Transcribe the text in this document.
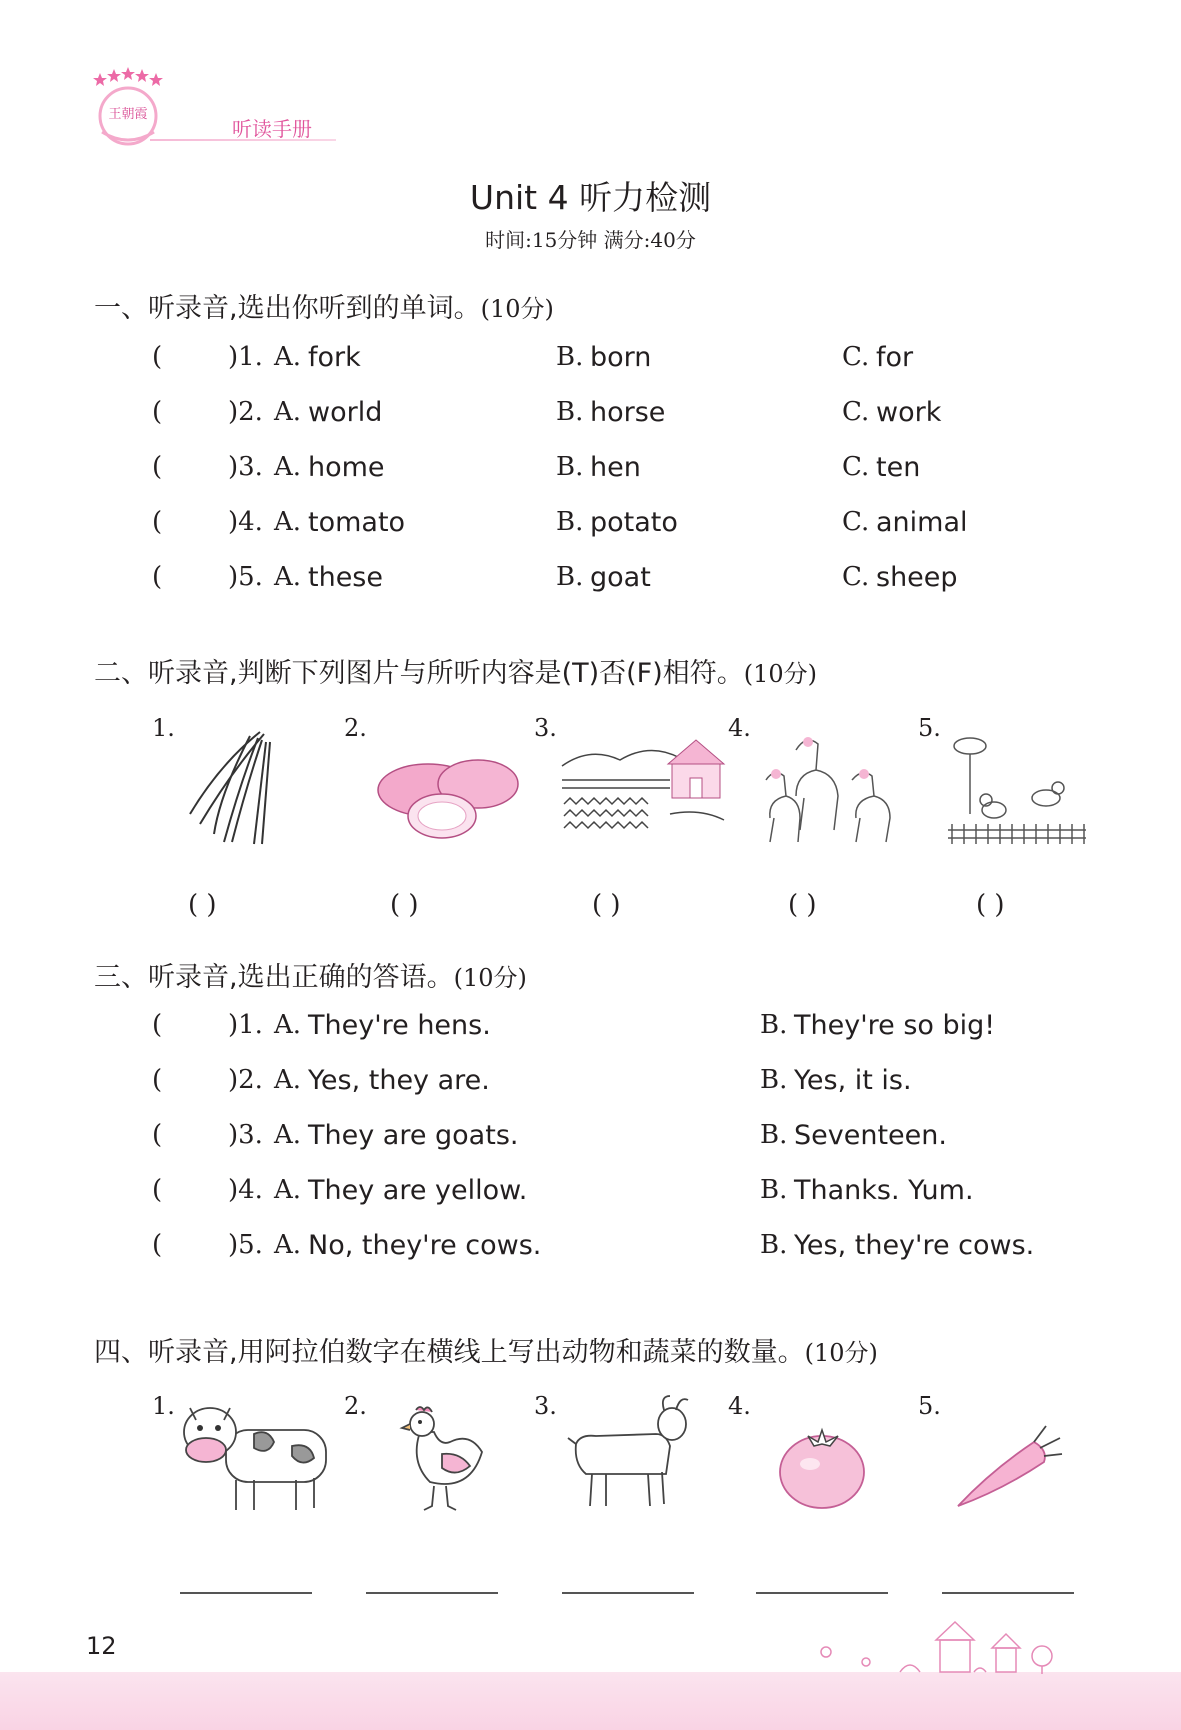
王朝霞
听读手册
Unit 4 听力检测
时间:15分钟 满分:40分
一、听录音,选出你听到的单词。(10分)
(	)1. A. fork	B. born	C. for
(	)2. A. world	B. horse	C. work
(	)3. A. home	B. hen	C. ten
(	)4. A. tomato	B. potato	C. animal
(	)5. A. these	B. goat	C. sheep
二、听录音,判断下列图片与所听内容是(T)否(F)相符。(10分)
1.	2.	3.	4.	5.
( )	( )	( )	( )	( )
三、听录音,选出正确的答语。(10分)
(	)1. A. They're hens.	B. They're so big!
(	)2. A. Yes, they are.	B. Yes, it is.
(	)3. A. They are goats.	B. Seventeen.
(	)4. A. They are yellow.	B. Thanks. Yum.
(	)5. A. No, they're cows.	B. Yes, they're cows.
四、听录音,用阿拉伯数字在横线上写出动物和蔬菜的数量。(10分)
1.	2.	3.	4.	5.
12
